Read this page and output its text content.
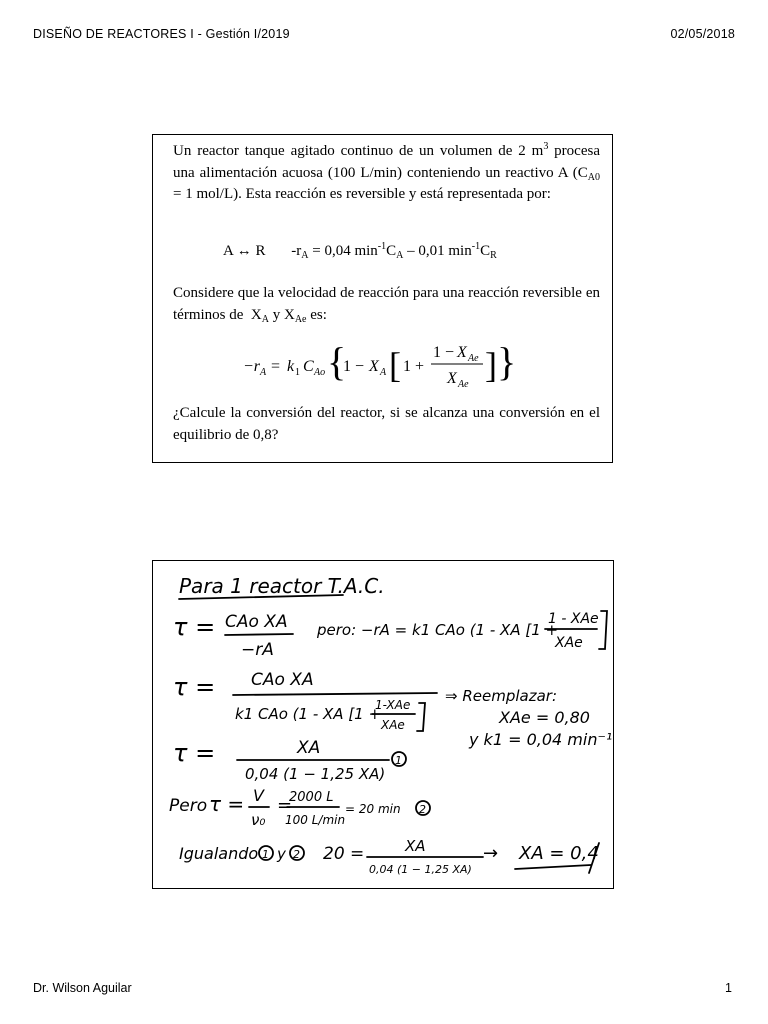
DISEÑO DE REACTORES I - Gestión I/2019	02/05/2018
Un reactor tanque agitado continuo de un volumen de 2 $m^3$ procesa una alimentación acuosa (100 L/min) conteniendo un reactivo A ($C_{A0} = 1$ mol/L). Esta reacción es reversible y está representada por:
A ↔ R $-r_A = 0,04$ $\min^{-1}C_A - 0,01$ $\min^{-1}C_R$
Considere que la velocidad de reacción para una reacción reversible en términos de  $X_A$ y $X_{Ae}$ es:
−r A = k 1 C Ao {
1 − X A [ 1 +
1 − X Ae
X Ae ] }
¿Calcule la conversión del reactor, si se alcanza una conversión en el equilibrio de 0,8?
Para 1 reactor T.A.C.
τ = CAo XA
−rA
pero: −rA = k1 CAo (1 - XA [1 +
1 - XAe
XAe
τ = CAo XA
k1 CAo (1 - XA [1 +
1-XAe
XAe
⇒ Reemplazar:
XAe = 0,80
y k1 = 0,04 min⁻¹
τ =	XA
0,04 (1 − 1,25 XA)
1
Pero τ = V
ν₀
=
2000 L
100 L/min
= 20 min 2
Igualando 1 y 2 20 =	XA
0,04 (1 − 1,25 XA)
→ XA = 0,4
Dr. Wilson Aguilar	1
